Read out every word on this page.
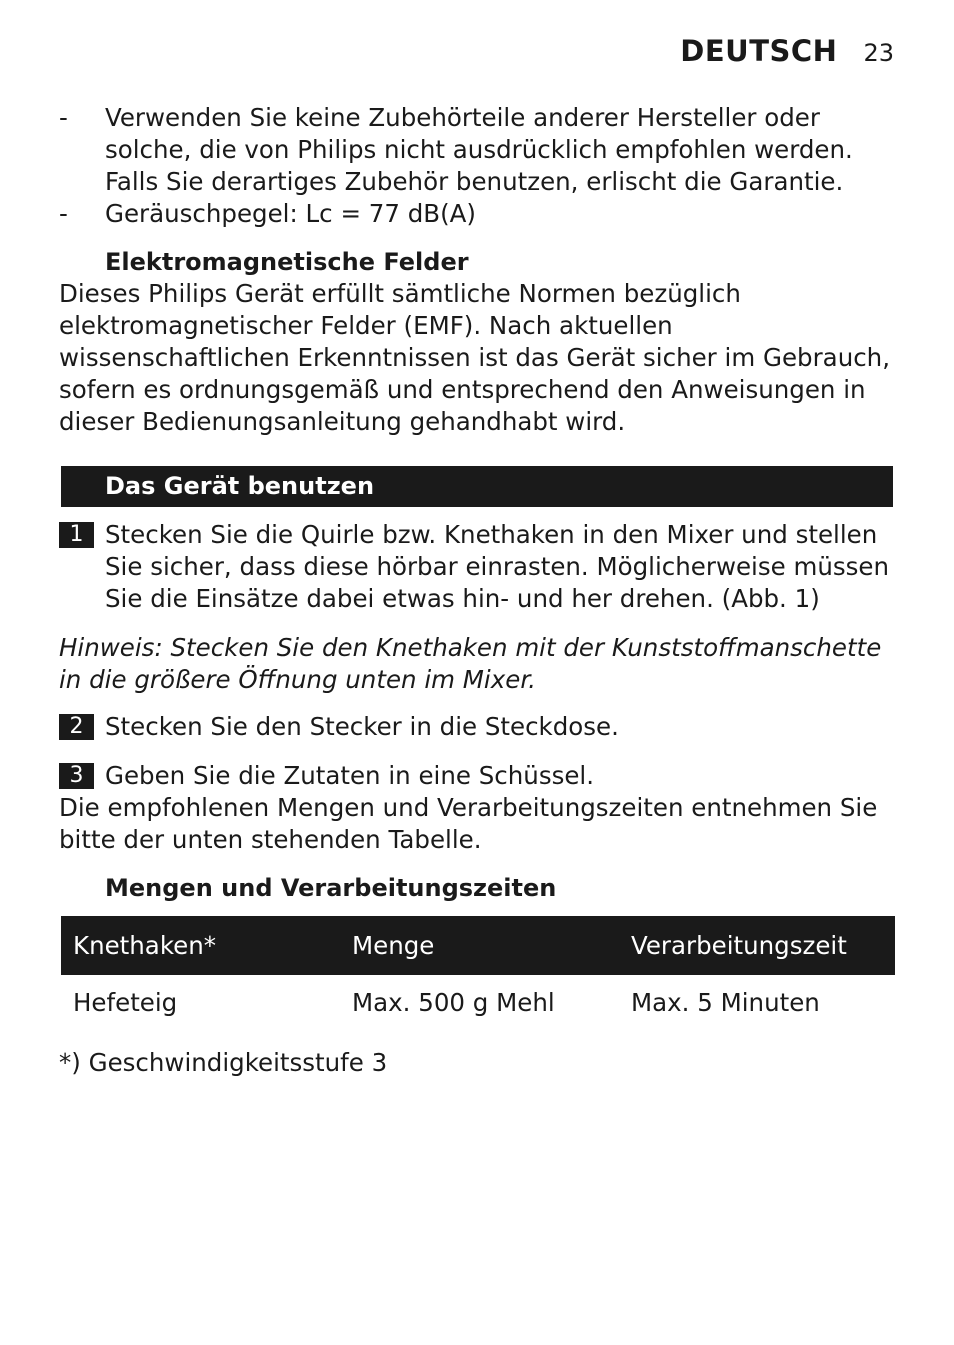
DEUTSCH 23
-	Verwenden Sie keine Zubehörteile anderer Hersteller oder solche, die von Philips nicht ausdrücklich empfohlen werden. Falls Sie derartiges Zubehör benutzen, erlischt die Garantie.
-	Geräuschpegel: Lc = 77 dB(A)
Elektromagnetische Felder
Dieses Philips Gerät erfüllt sämtliche Normen bezüglich elektromagnetischer Felder (EMF). Nach aktuellen wissenschaftlichen Erkenntnissen ist das Gerät sicher im Gebrauch, sofern es ordnungsgemäß und entsprechend den Anweisungen in dieser Bedienungsanleitung gehandhabt wird.
Das Gerät benutzen
1 Stecken Sie die Quirle bzw. Knethaken in den Mixer und stellen Sie sicher, dass diese hörbar einrasten. Möglicherweise müssen Sie die Einsätze dabei etwas hin- und her drehen. (Abb. 1)
Hinweis: Stecken Sie den Knethaken mit der Kunststoffmanschette in die größere Öffnung unten im Mixer.
2 Stecken Sie den Stecker in die Steckdose.
3 Geben Sie die Zutaten in eine Schüssel.
Die empfohlenen Mengen und Verarbeitungszeiten entnehmen Sie bitte der unten stehenden Tabelle.
Mengen und Verarbeitungszeiten
Knethaken*	Menge	Verarbeitungszeit
Hefeteig	Max. 500 g Mehl	Max. 5 Minuten
*) Geschwindigkeitsstufe 3
